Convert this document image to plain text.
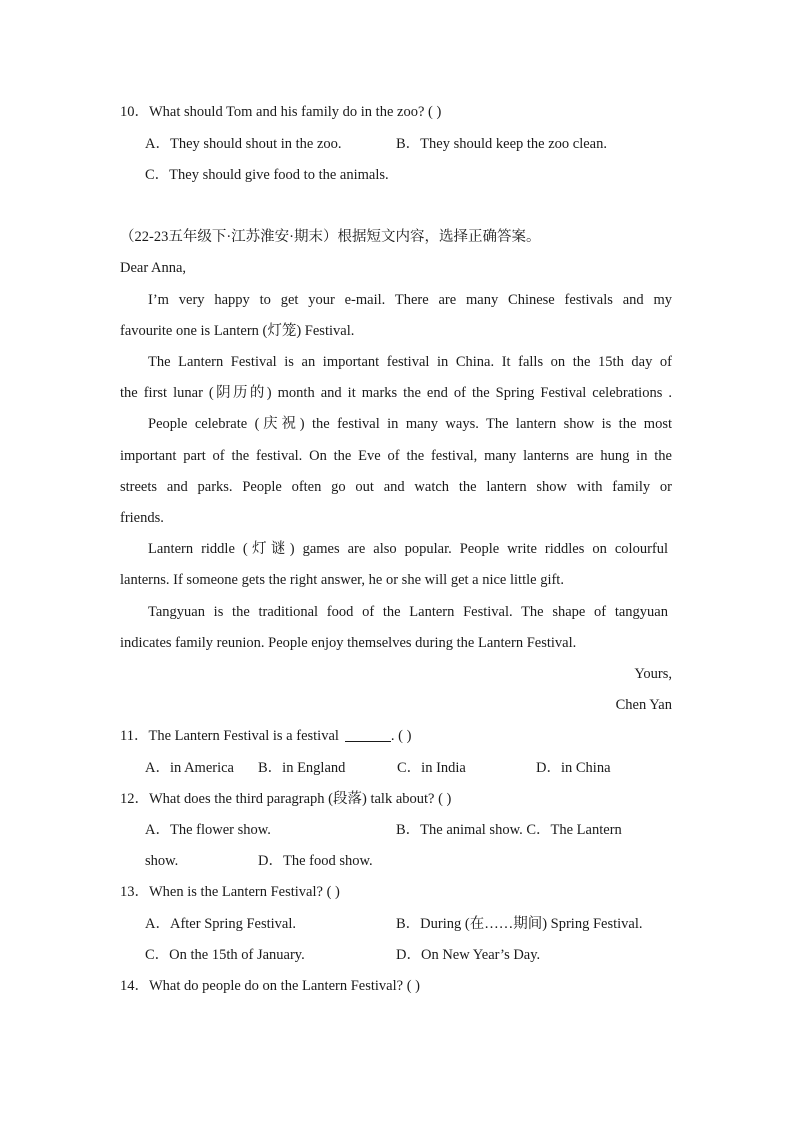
10．What should Tom and his family do in the zoo? ( )
A．They should shout in the zoo.	B．They should keep the zoo clean.
C．They should give food to the animals.
（22-23五年级下·江苏淮安·期末）根据短文内容，选择正确答案。
Dear Anna,
I’m very happy to get your e-mail. There are many Chinese festivals and my
favourite one is Lantern (灯笼) Festival.
The Lantern Festival is an important festival in China. It falls on the 15th day of
the first lunar (阴历的) month and it marks the end of the Spring Festival celebrations .
People celebrate (庆祝) the festival in many ways. The lantern show is the most
important part of the festival. On the Eve of the festival, many lanterns are hung in the
streets and parks. People often go out and watch the lantern show with family or
friends.
Lantern riddle (灯谜) games are also popular. People write riddles on colourful
lanterns. If someone gets the right answer, he or she will get a nice little gift.
Tangyuan is the traditional food of the Lantern Festival. The shape of tangyuan
indicates family reunion. People enjoy themselves during the Lantern Festival.
Yours,
Chen Yan
11．The Lantern Festival is a festival	. ( )
A．in America B．in England	C．in India	D．in China
12．What does the third paragraph (段落) talk about? ( )
A．The flower show.	B．The animal show. C．The Lantern
show.	D．The food show.
13．When is the Lantern Festival? ( )
A．After Spring Festival.	B．During (在……期间) Spring Festival.
C．On the 15th of January.	D．On New Year’s Day.
14．What do people do on the Lantern Festival? ( )
